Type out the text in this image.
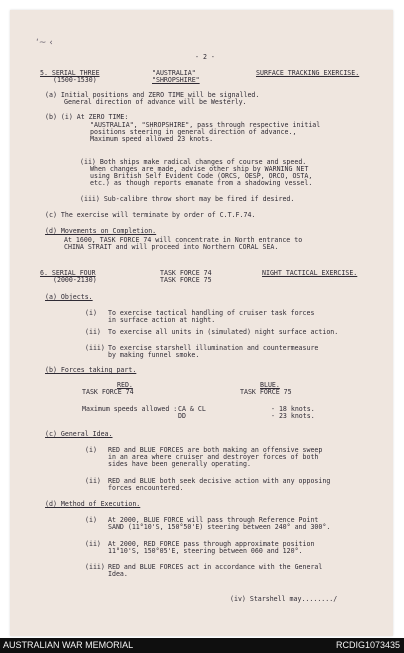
‘~ ‹
- 2 -
5. SERIAL THREE
(1500-1530)
"AUSTRALIA"
"SHROPSHIRE"
SURFACE TRACKING EXERCISE.
(a) Initial positions and ZERO TIME will be signalled.
General direction of advance will be Westerly.
(b) (i) At ZERO TIME:
"AUSTRALIA", "SHROPSHIRE", pass through respective initial
positions steering in general direction of advance.,
Maximum speed allowed 23 knots.
(ii) Both ships make radical changes of course and speed.
When changes are made, advise other ship by WARNING NET
using British Self Evident Code (ORCS, OESP, ORCO, OSTA,
etc.) as though reports emanate from a shadowing vessel.
(iii) Sub-calibre throw short may be fired if desired.
(c) The exercise will terminate by order of C.T.F.74.
(d) Movements on Completion.
At 1600, TASK FORCE 74 will concentrate in North entrance to
CHINA STRAIT and will proceed into Northern CORAL SEA.
6. SERIAL FOUR
(2000-2130)
TASK FORCE 74
TASK FORCE 75
NIGHT TACTICAL EXERCISE.
(a) Objects.
(i) To exercise tactical handling of cruiser task forces
in surface action at night.
(ii) To exercise all units in (simulated) night surface action.
(iii) To exercise starshell illumination and countermeasure
by making funnel smoke.
(b) Forces taking part.
RED.	BLUE.
TASK FORCE 74	TASK FORCE 75
Maximum speeds allowed : CA & CL	- 18 knots.
DD	- 23 knots.
(c) General Idea.
(i) RED and BLUE FORCES are both making an offensive sweep
in an area where cruiser and destroyer forces of both
sides have been generally operating.
(ii) RED and BLUE both seek decisive action with any opposing
forces encountered.
(d) Method of Execution.
(i) At 2000, BLUE FORCE will pass through Reference Point
SAND (11°10'S, 150°50'E) steering between 240° and 300°.
(ii) At 2000, RED FORCE pass through approximate position
11°10'S, 150°05'E, steering between 060 and 120°.
(iii) RED and BLUE FORCES act in accordance with the General
Idea.
(iv) Starshell may......../
AUSTRALIAN WAR MEMORIAL	RCDIG1073435
